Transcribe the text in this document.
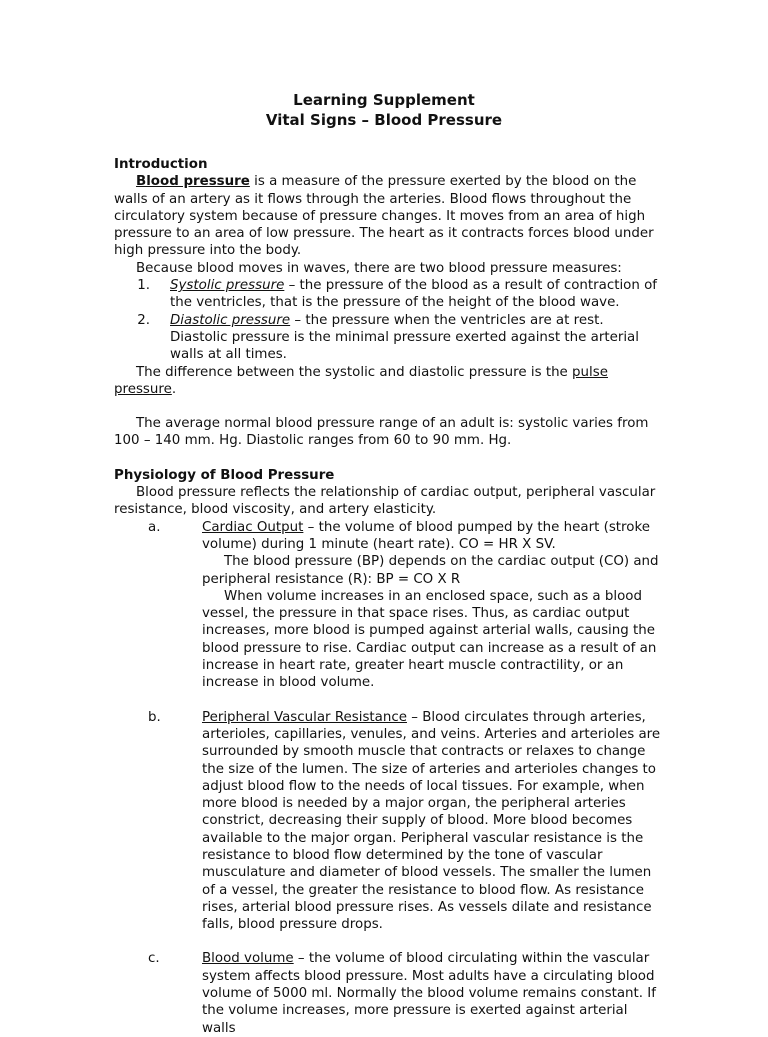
Learning Supplement
Vital Signs – Blood Pressure
Introduction

Blood pressure is a measure of the pressure exerted by the blood on the walls of an artery as it flows through the arteries. Blood flows throughout the circulatory system because of pressure changes. It moves from an area of high pressure to an area of low pressure. The heart as it contracts forces blood under high pressure into the body.

Because blood moves in waves, there are two blood pressure measures:

1. Systolic pressure – the pressure of the blood as a result of contraction of the ventricles, that is the pressure of the height of the blood wave.
2. Diastolic pressure – the pressure when the ventricles are at rest. Diastolic pressure is the minimal pressure exerted against the arterial walls at all times.

The difference between the systolic and diastolic pressure is the pulse pressure.

The average normal blood pressure range of an adult is: systolic varies from 100 – 140 mm. Hg. Diastolic ranges from 60 to 90 mm. Hg.

Physiology of Blood Pressure

Blood pressure reflects the relationship of cardiac output, peripheral vascular resistance, blood viscosity, and artery elasticity.

a.	Cardiac Output – the volume of blood pumped by the heart (stroke volume) during 1 minute (heart rate). CO = HR X SV.
The blood pressure (BP) depends on the cardiac output (CO) and peripheral resistance (R): BP = CO X R
When volume increases in an enclosed space, such as a blood vessel, the pressure in that space rises. Thus, as cardiac output increases, more blood is pumped against arterial walls, causing the blood pressure to rise. Cardiac output can increase as a result of an increase in heart rate, greater heart muscle contractility, or an increase in blood volume.
b.	Peripheral Vascular Resistance – Blood circulates through arteries, arterioles, capillaries, venules, and veins. Arteries and arterioles are surrounded by smooth muscle that contracts or relaxes to change the size of the lumen. The size of arteries and arterioles changes to adjust blood flow to the needs of local tissues. For example, when more blood is needed by a major organ, the peripheral arteries constrict, decreasing their supply of blood. More blood becomes available to the major organ. Peripheral vascular resistance is the resistance to blood flow determined by the tone of vascular musculature and diameter of blood vessels. The smaller the lumen of a vessel, the greater the resistance to blood flow. As resistance rises, arterial blood pressure rises. As vessels dilate and resistance falls, blood pressure drops.
c.	Blood volume – the volume of blood circulating within the vascular system affects blood pressure. Most adults have a circulating blood volume of 5000 ml. Normally the blood volume remains constant. If the volume increases, more pressure is exerted against arterial walls
